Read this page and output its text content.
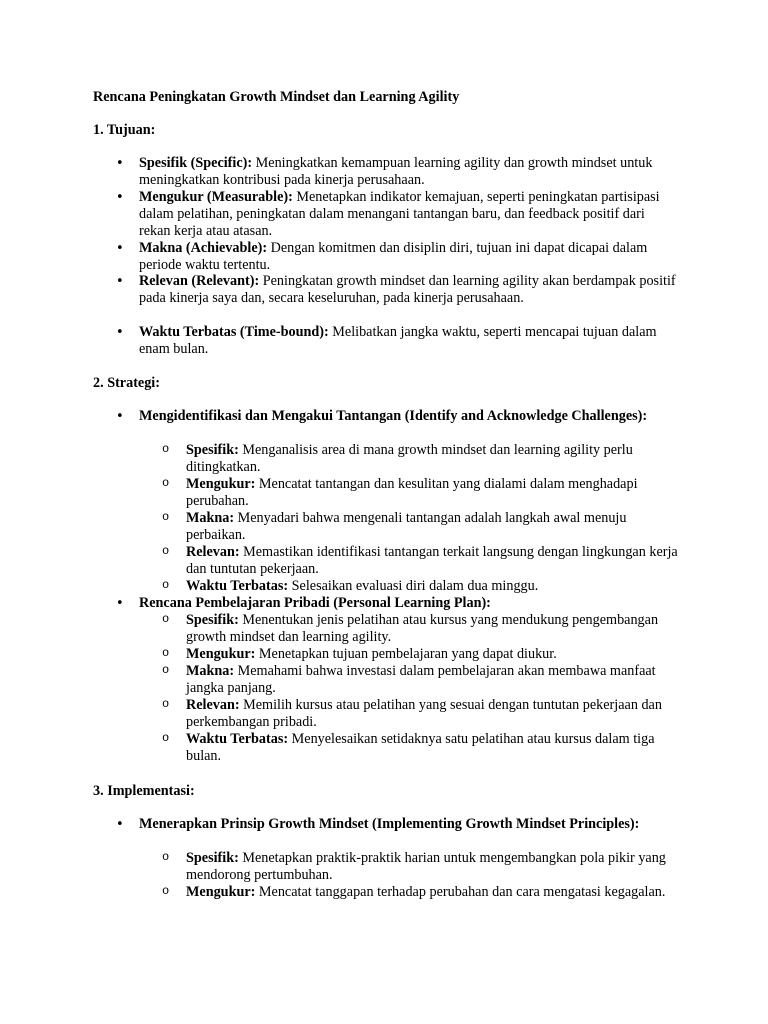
Rencana Peningkatan Growth Mindset dan Learning Agility
1. Tujuan:
• Spesifik (Specific): Meningkatkan kemampuan learning agility dan growth mindset untuk meningkatkan kontribusi pada kinerja perusahaan.
• Mengukur (Measurable): Menetapkan indikator kemajuan, seperti peningkatan partisipasi dalam pelatihan, peningkatan dalam menangani tantangan baru, dan feedback positif dari rekan kerja atau atasan.
• Makna (Achievable): Dengan komitmen dan disiplin diri, tujuan ini dapat dicapai dalam periode waktu tertentu.
• Relevan (Relevant): Peningkatan growth mindset dan learning agility akan berdampak positif pada kinerja saya dan, secara keseluruhan, pada kinerja perusahaan.
• Waktu Terbatas (Time-bound): Melibatkan jangka waktu, seperti mencapai tujuan dalam enam bulan.
2. Strategi:
• Mengidentifikasi dan Mengakui Tantangan (Identify and Acknowledge Challenges):
o Spesifik: Menganalisis area di mana growth mindset dan learning agility perlu ditingkatkan.
o Mengukur: Mencatat tantangan dan kesulitan yang dialami dalam menghadapi perubahan.
o Makna: Menyadari bahwa mengenali tantangan adalah langkah awal menuju perbaikan.
o Relevan: Memastikan identifikasi tantangan terkait langsung dengan lingkungan kerja dan tuntutan pekerjaan.
o Waktu Terbatas: Selesaikan evaluasi diri dalam dua minggu.
• Rencana Pembelajaran Pribadi (Personal Learning Plan):
o Spesifik: Menentukan jenis pelatihan atau kursus yang mendukung pengembangan growth mindset dan learning agility.
o Mengukur: Menetapkan tujuan pembelajaran yang dapat diukur.
o Makna: Memahami bahwa investasi dalam pembelajaran akan membawa manfaat jangka panjang.
o Relevan: Memilih kursus atau pelatihan yang sesuai dengan tuntutan pekerjaan dan perkembangan pribadi.
o Waktu Terbatas: Menyelesaikan setidaknya satu pelatihan atau kursus dalam tiga bulan.
3. Implementasi:
• Menerapkan Prinsip Growth Mindset (Implementing Growth Mindset Principles):
o Spesifik: Menetapkan praktik-praktik harian untuk mengembangkan pola pikir yang mendorong pertumbuhan.
o Mengukur: Mencatat tanggapan terhadap perubahan dan cara mengatasi kegagalan.
